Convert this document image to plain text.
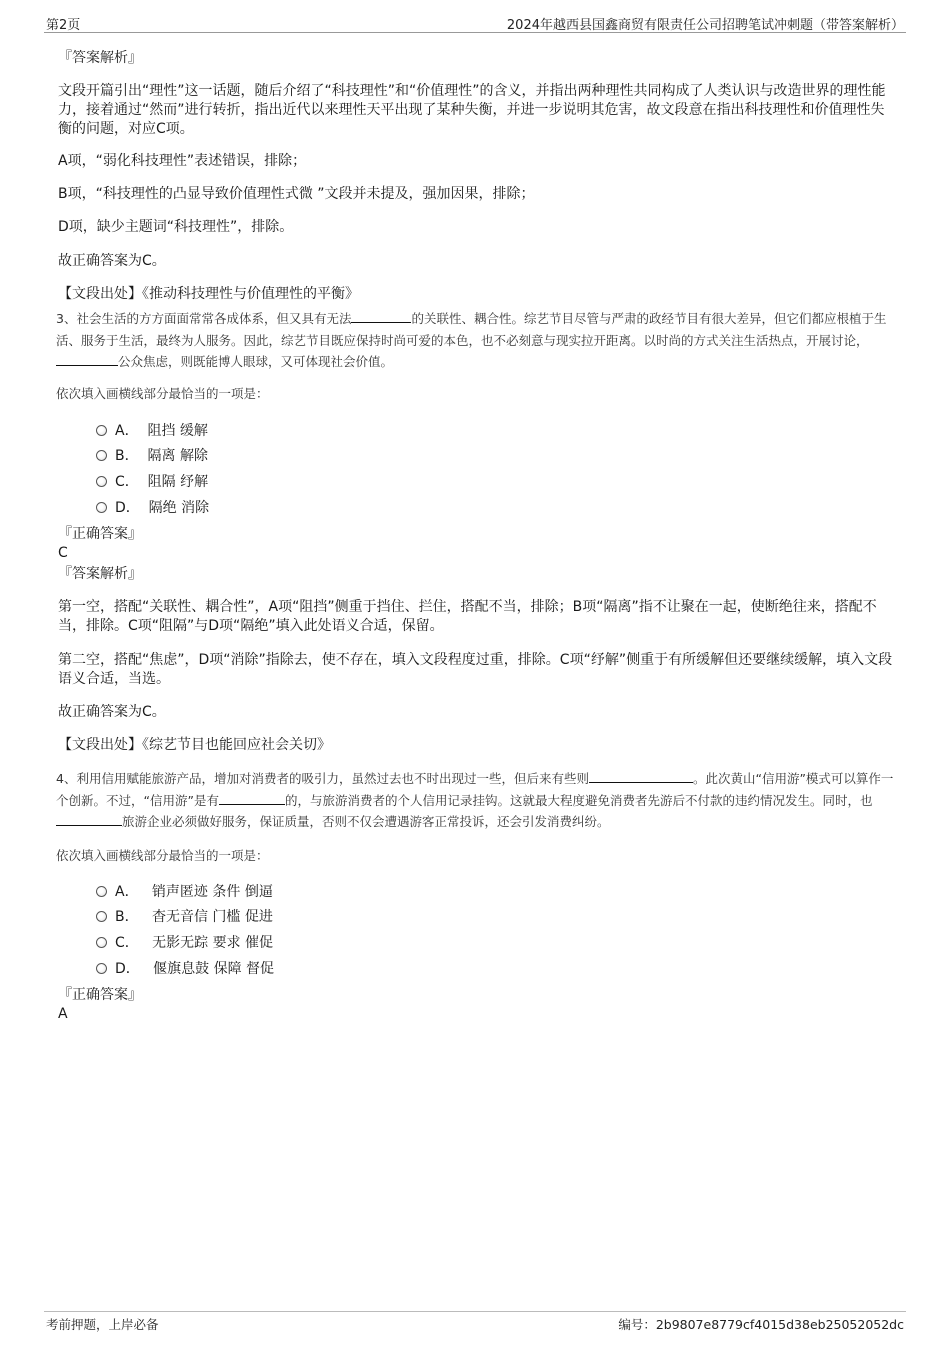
第2页	2024年越西县国鑫商贸有限责任公司招聘笔试冲刺题（带答案解析）
『答案解析』

文段开篇引出“理性”这一话题，随后介绍了“科技理性”和“价值理性”的含义，并指出两种理性共同构成了人类认识与改造世界的理性能力，接着通过“然而”进行转折，指出近代以来理性天平出现了某种失衡，并进一步说明其危害，故文段意在指出科技理性和价值理性失衡的问题，对应C项。

A项，“弱化科技理性”表述错误，排除；
B项，“科技理性的凸显导致价值理性式微 ”文段并未提及，强加因果，排除；
D项，缺少主题词“科技理性”，排除。
故正确答案为C。
【文段出处】《推动科技理性与价值理性的平衡》

3、社会生活的方方面面常常各成体系，但又具有无法	的关联性、耦合性。综艺节目尽管与严肃的政经节目有很大差异，但它们都应根植于生活、服务于生活，最终为人服务。因此，综艺节目既应保持时尚可爱的本色，也不必刻意与现实拉开距离。以时尚的方式关注生活热点，开展讨论，公众焦虑，则既能博人眼球，又可体现社会价值。

依次填入画横线部分最恰当的一项是：
A．  阻挡 缓解
B．  隔离 解除
C．  阻隔 纾解
D．  隔绝 消除
『正确答案』
C
『答案解析』

第一空，搭配“关联性、耦合性”，A项“阻挡”侧重于挡住、拦住，搭配不当，排除；B项“隔离”指不让聚在一起，使断绝往来，搭配不当，排除。C项“阻隔”与D项“隔绝”填入此处语义合适，保留。

第二空，搭配“焦虑”，D项“消除”指除去，使不存在，填入文段程度过重，排除。C项“纾解”侧重于有所缓解但还要继续缓解，填入文段语义合适，当选。

故正确答案为C。
【文段出处】《综艺节目也能回应社会关切》

4、利用信用赋能旅游产品，增加对消费者的吸引力，虽然过去也不时出现过一些，但后来有些则	。此次黄山“信用游”模式可以算作一个创新。不过，“信用游”是有	的，与旅游消费者的个人信用记录挂钩。这就最大程度避免消费者先游后不付款的违约情况发生。同时，也旅游企业必须做好服务，保证质量，否则不仅会遭遇游客正常投诉，还会引发消费纠纷。

依次填入画横线部分最恰当的一项是：
A．   销声匿迹 条件 倒逼
B．   杳无音信 门槛 促进
C．   无影无踪 要求 催促
D．   偃旗息鼓 保障 督促
『正确答案』
A
考前押题，上岸必备	编号：2b9807e8779cf4015d38eb25052052dc
